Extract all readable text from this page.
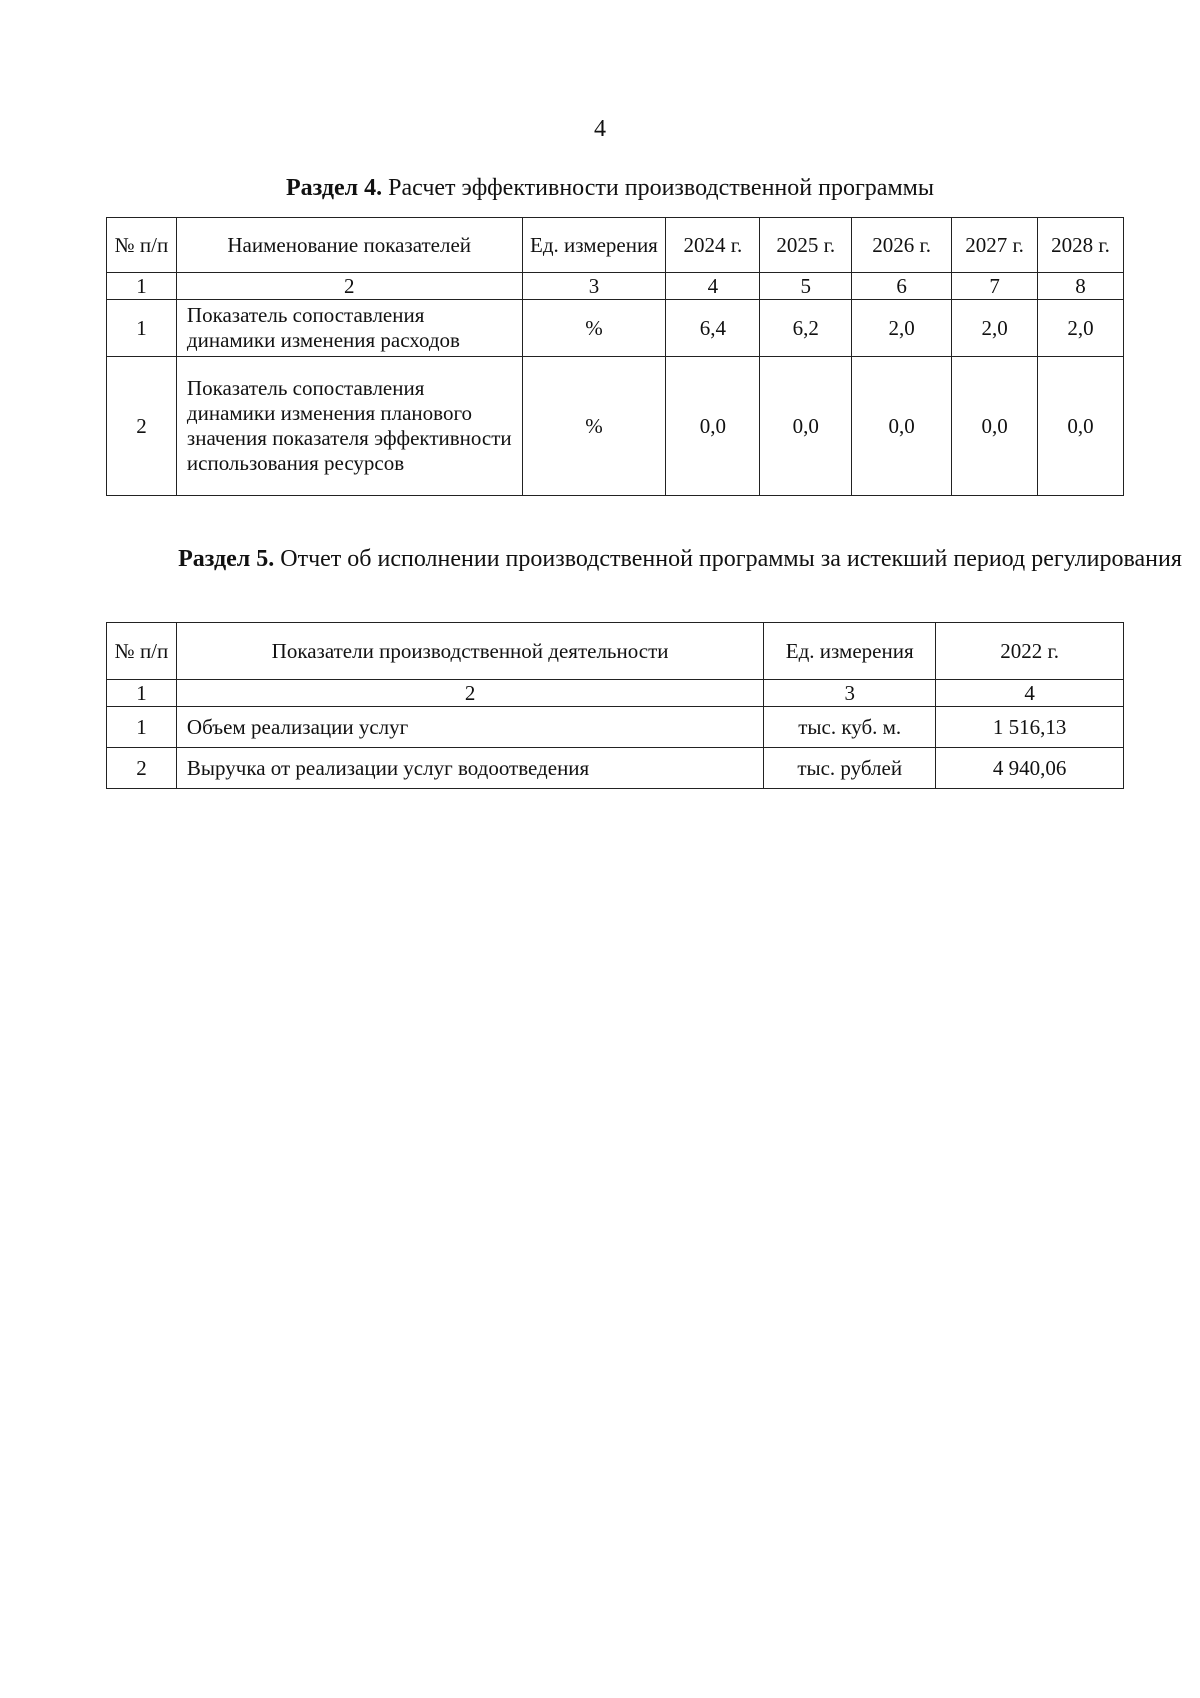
4
Раздел 4. Расчет эффективности производственной программы
№ п/п	Наименование показателей	Ед. измерения	2024 г.	2025 г.	2026 г.	2027 г.	2028 г.
1	2	3	4	5	6	7	8
1	Показатель сопоставления динамики изменения расходов	%	6,4	6,2	2,0	2,0	2,0
2	Показатель сопоставления динамики изменения планового значения показателя эффективности использования ресурсов	%	0,0	0,0	0,0	0,0	0,0
Раздел 5. Отчет об исполнении производственной программы за истекший период регулирования
№ п/п	Показатели производственной деятельности	Ед. измерения	2022 г.
1	2	3	4
1	Объем реализации услуг	тыс. куб. м.	1 516,13
2	Выручка от реализации услуг водоотведения	тыс. рублей	4 940,06
